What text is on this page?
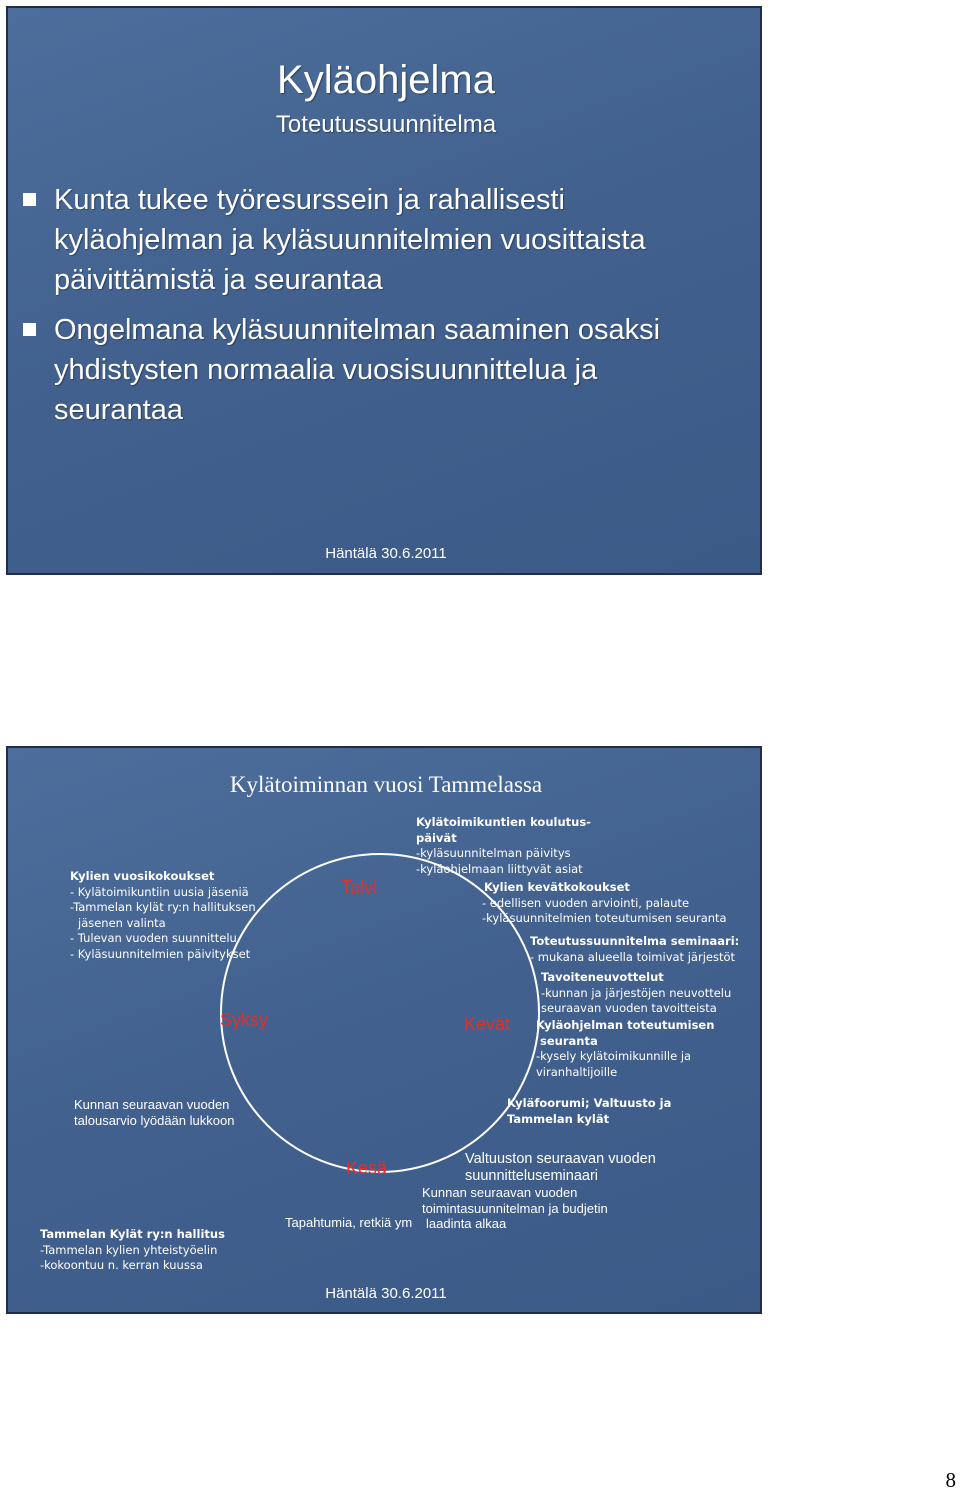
Kyläohjelma
Toteutussuunnitelma
Kunta tukee työresurssein ja rahallisesti kyläohjelman ja kyläsuunnitelmien vuosittaista päivittämistä ja seurantaa
Ongelmana kyläsuunnitelman saaminen osaksi yhdistysten normaalia vuosisuunnittelua ja seurantaa
Häntälä 30.6.2011
Kylätoiminnan vuosi Tammelassa
Talvi
Syksy	Kevät
Kesä
Kylien vuosikokoukset
- Kylätoimikuntiin uusia jäseniä
-Tammelan kylät ry:n hallituksen
jäsenen valinta
- Tulevan vuoden suunnittelu
- Kyläsuunnitelmien päivitykset
Kunnan seuraavan vuoden
talousarvio lyödään lukkoon
Tammelan Kylät ry:n hallitus
-Tammelan kylien yhteistyöelin
-kokoontuu n. kerran kuussa
Kylätoimikuntien koulutus-
päivät
-kyläsuunnitelman päivitys
-kyläohjelmaan liittyvät asiat
Kylien kevätkokoukset
- edellisen vuoden arviointi, palaute
-kyläsuunnitelmien toteutumisen seuranta
Toteutussuunnitelma seminaari:
- mukana alueella toimivat järjestöt
Tavoiteneuvottelut
-kunnan ja järjestöjen neuvottelu
seuraavan vuoden tavoitteista
Kyläohjelman toteutumisen
seuranta
-kysely kylätoimikunnille ja
viranhaltijoille
Kyläfoorumi; Valtuusto ja
Tammelan kylät
Valtuuston seuraavan vuoden
suunnitteluseminaari
Kunnan seuraavan vuoden
toimintasuunnitelman ja budjetin
laadinta alkaa
Tapahtumia, retkiä ym
Häntälä 30.6.2011
8
